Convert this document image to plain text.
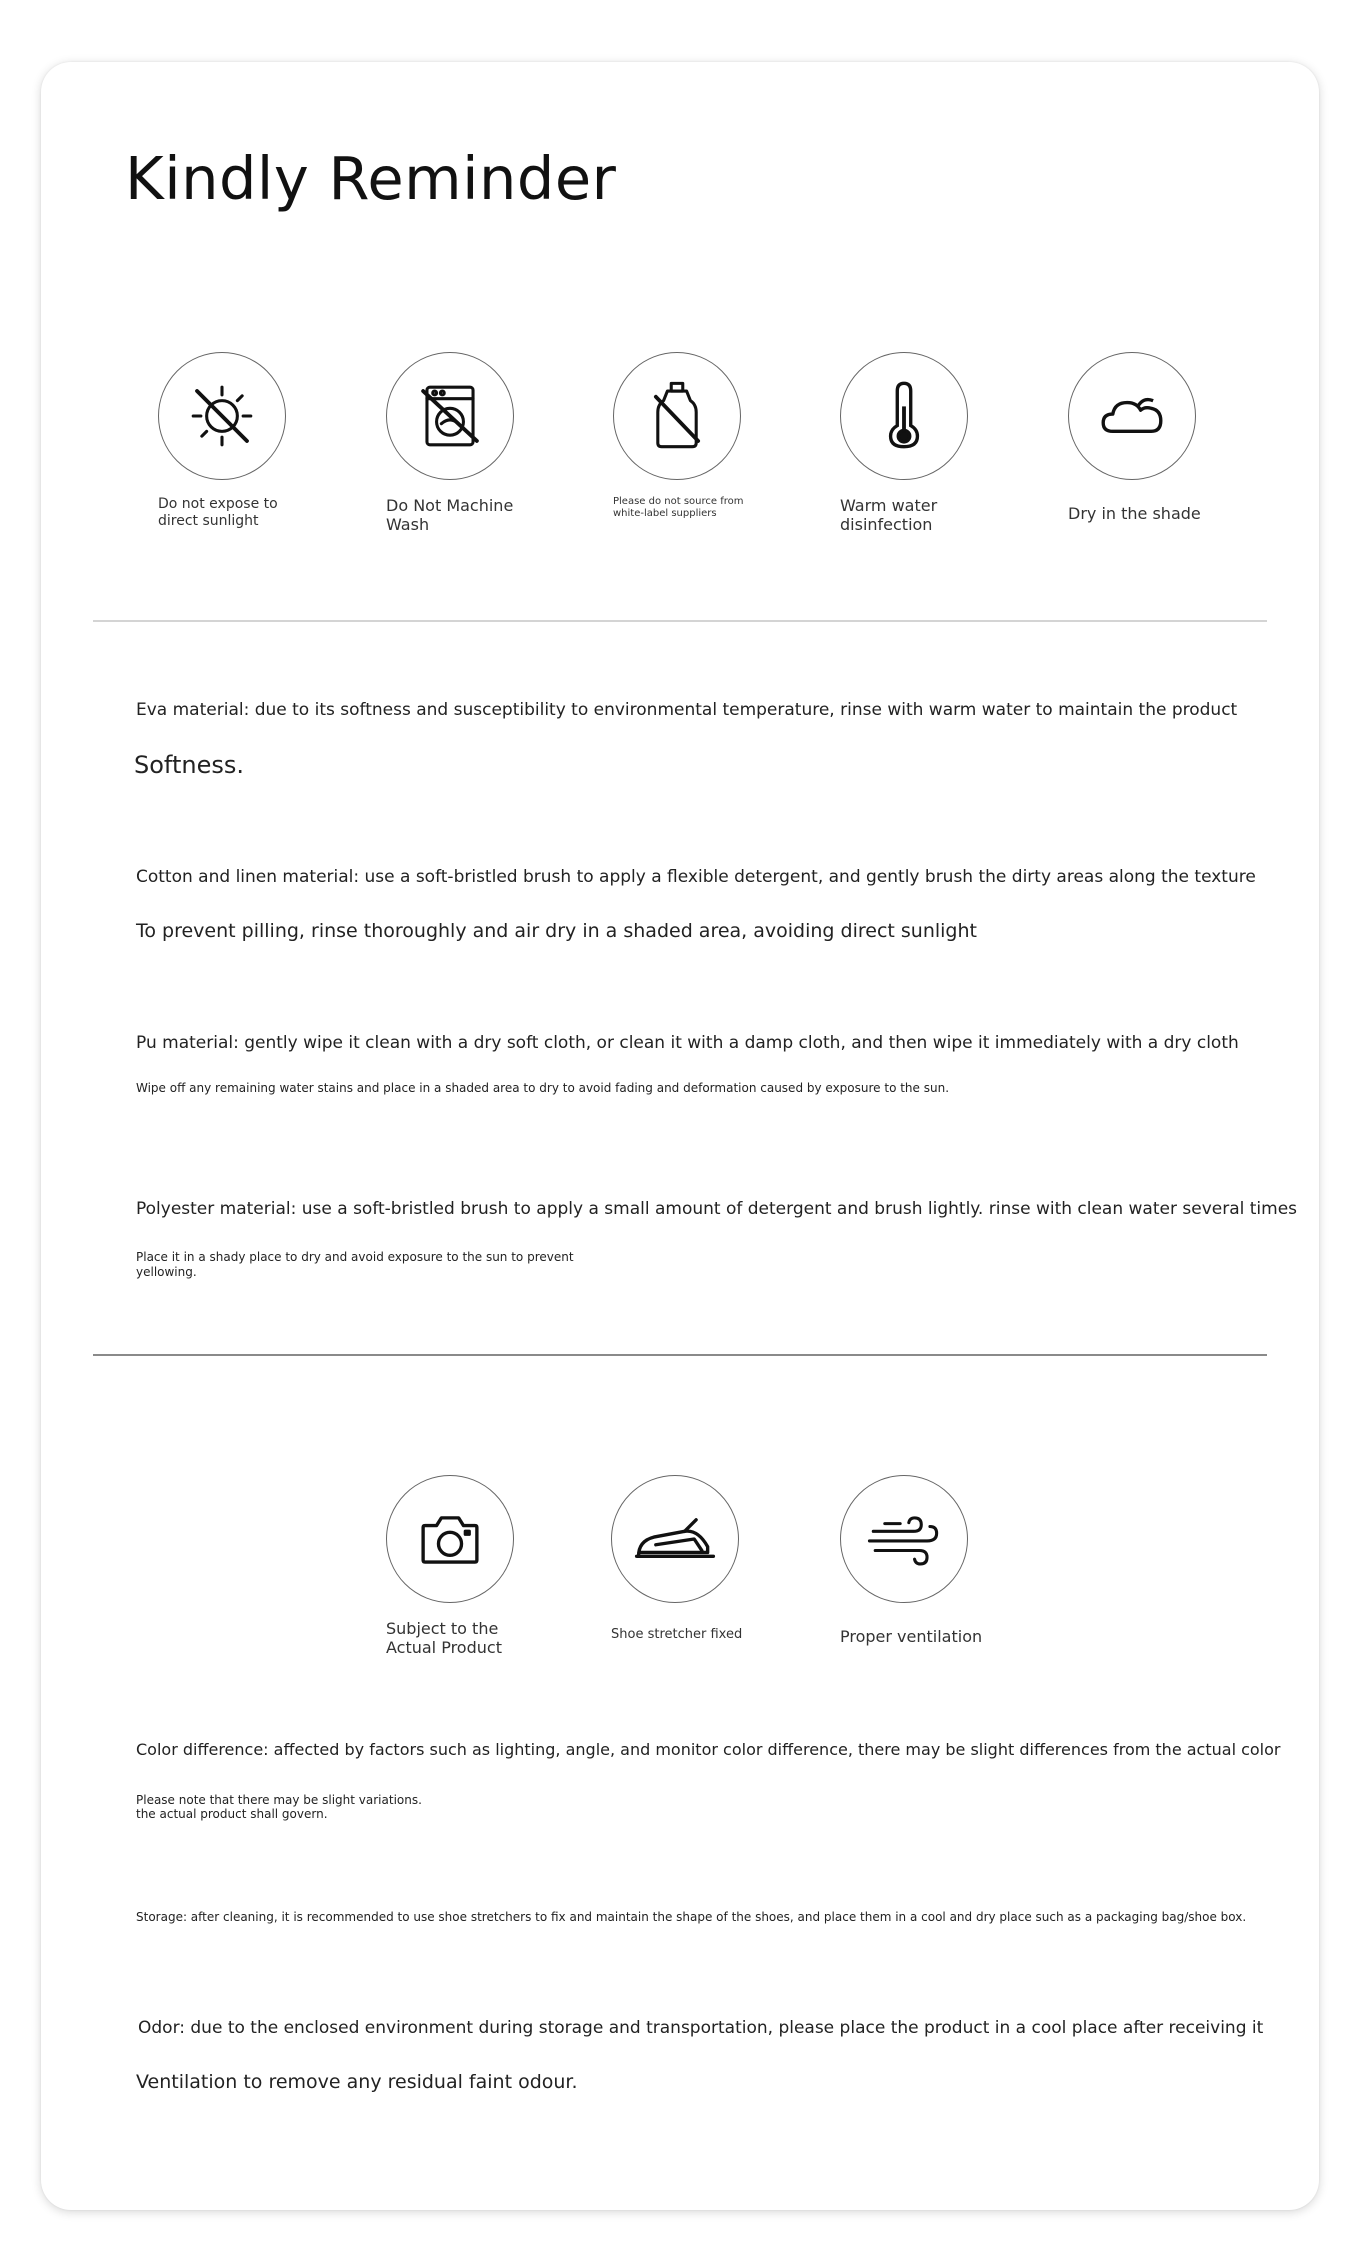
Kindly Reminder
Do not expose to
direct sunlight
Do Not Machine
Wash
Please do not source from
white-label suppliers	Warm water
disinfection
Dry in the shade

Eva material: due to its softness and susceptibility to environmental temperature, rinse with warm water to maintain the product

Softness.

Cotton and linen material: use a soft-bristled brush to apply a flexible detergent, and gently brush the dirty areas along the texture

To prevent pilling, rinse thoroughly and air dry in a shaded area, avoiding direct sunlight

Pu material: gently wipe it clean with a dry soft cloth, or clean it with a damp cloth, and then wipe it immediately with a dry cloth

Wipe off any remaining water stains and place in a shaded area to dry to avoid fading and deformation caused by exposure to the sun.

Polyester material: use a soft-bristled brush to apply a small amount of detergent and brush lightly. rinse with clean water several times

Place it in a shady place to dry and avoid exposure to the sun to prevent yellowing.

Subject to the
Actual Product
Shoe stretcher fixed	Proper ventilation

Color difference: affected by factors such as lighting, angle, and monitor color difference, there may be slight differences from the actual color

Please note that there may be slight variations.

the actual product shall govern.

Storage: after cleaning, it is recommended to use shoe stretchers to fix and maintain the shape of the shoes, and place them in a cool and dry place such as a packaging bag/shoe box.

Odor: due to the enclosed environment during storage and transportation, please place the product in a cool place after receiving it

Ventilation to remove any residual faint odour.
